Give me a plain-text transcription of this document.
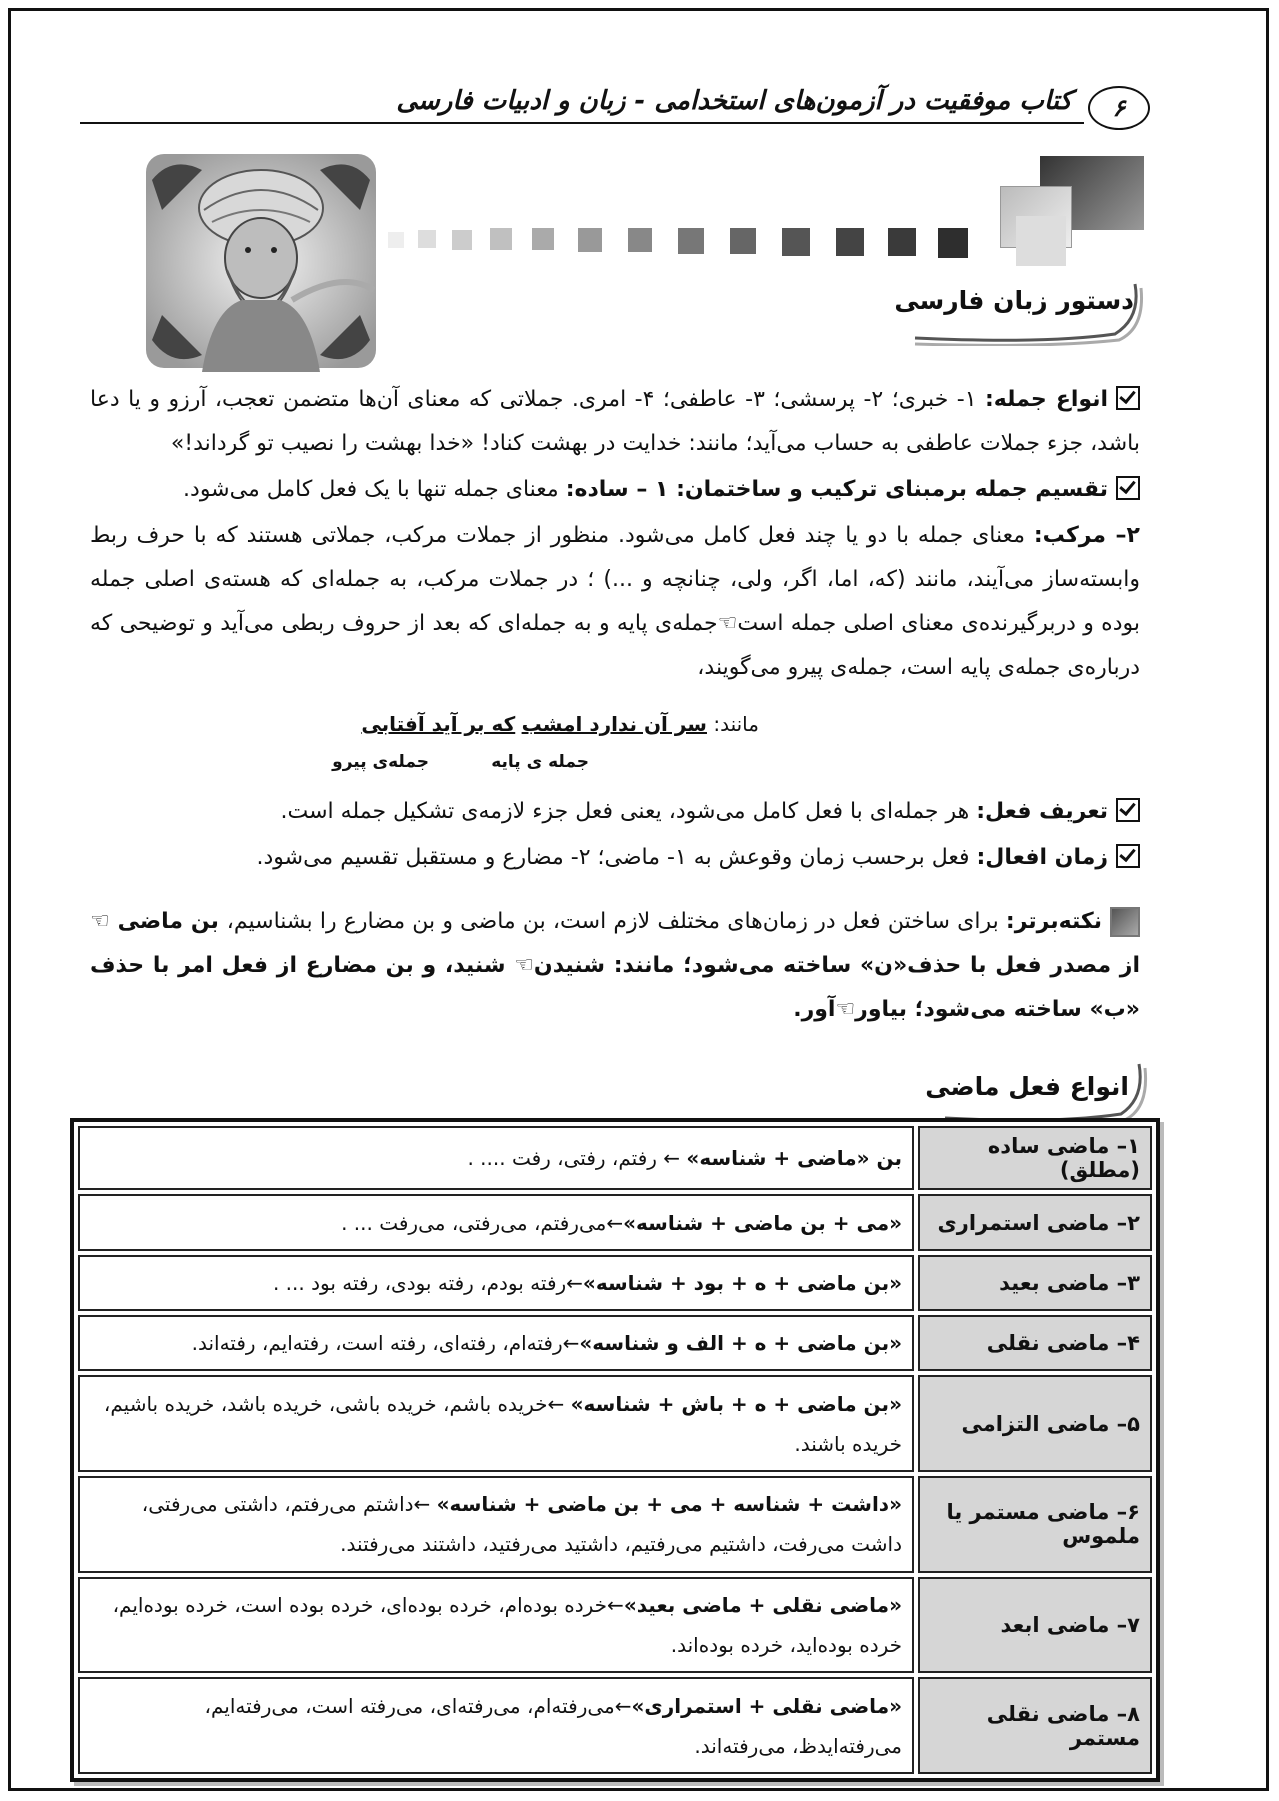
۶
کتاب موفقیت در آزمون‌های استخدامی - زبان و ادبیات فارسی
دستور زبان فارسی
انواع جمله: ۱- خبری؛ ۲- پرسشی؛ ۳- عاطفی؛ ۴- امری. جملاتی که معنای آن‌ها متضمن تعجب، آرزو و یا دعا باشد، جزء جملات عاطفی به حساب می‌آید؛ مانند: خدایت در بهشت کناد! «خدا بهشت را نصیب تو گرداند!»
تقسیم جمله برمبنای ترکیب و ساختمان: ۱ – ساده: معنای جمله تنها با یک فعل کامل می‌شود.
۲– مرکب: معنای جمله با دو یا چند فعل کامل می‌شود. منظور از جملات مرکب، جملاتی هستند که با حرف ربط وابسته‌ساز می‌آیند، مانند (که، اما، اگر، ولی، چنانچه و ...) ؛ در جملات مرکب، به جمله‌ای که هسته‌ی اصلی جمله بوده و دربرگیرنده‌ی معنای اصلی جمله است☜جمله‌ی پایه و به جمله‌ای که بعد از حروف ربطی می‌آید و توضیحی که درباره‌ی جمله‌ی پایه است، جمله‌ی پیرو می‌گویند،
مانند: سر آن ندارد امشب که بر آید آفتابی
جمله ی پایه
جمله‌ی پیرو
تعریف فعل: هر جمله‌ای با فعل کامل می‌شود، یعنی فعل جزء لازمه‌ی تشکیل جمله است.
زمان افعال: فعل برحسب زمان وقوعش به ۱- ماضی؛ ۲- مضارع و مستقبل تقسیم می‌شود.
نکته‌برتر: برای ساختن فعل در زمان‌های مختلف لازم است، بن ماضی و بن مضارع را بشناسیم، بن ماضی ☜ از مصدر فعل با حذف«ن» ساخته می‌شود؛ مانند: شنیدن☜ شنید، و بن مضارع از فعل امر با حذف «ب» ساخته می‌شود؛ بیاور☜آور.
انواع فعل ماضی
۱– ماضی ساده (مطلق)	بن «ماضی + شناسه» ← رفتم، رفتی، رفت .... .
۲– ماضی استمراری	«می + بن ماضی + شناسه»←می‌رفتم، می‌رفتی، می‌رفت ... .
۳– ماضی بعید	«بن ماضی + ه + بود + شناسه»←رفته بودم، رفته بودی، رفته بود ... .
۴– ماضی نقلی	«بن ماضی + ه + الف و شناسه»←رفته‌ام، رفته‌ای، رفته است، رفته‌ایم، رفته‌اند.
۵– ماضی التزامی	«بن ماضی + ه + باش + شناسه» ←خریده باشم، خریده باشی، خریده باشد، خریده باشیم، خریده باشند.
۶– ماضی مستمر یا ملموس	«داشت + شناسه + می + بن ماضی + شناسه» ←داشتم می‌رفتم، داشتی می‌رفتی، داشت می‌رفت، داشتیم می‌رفتیم، داشتید می‌رفتید، داشتند می‌رفتند.
۷– ماضی ابعد	«ماضی نقلی + ماضی بعید»←خرده بوده‌ام، خرده بوده‌ای، خرده بوده است، خرده بوده‌ایم، خرده بوده‌اید، خرده بوده‌اند.
۸– ماضی نقلی مستمر	«ماضی نقلی + استمراری»←می‌رفته‌ام، می‌رفته‌ای، می‌رفته است، می‌رفته‌ایم، می‌رفته‌ایدظ، می‌رفته‌اند.
